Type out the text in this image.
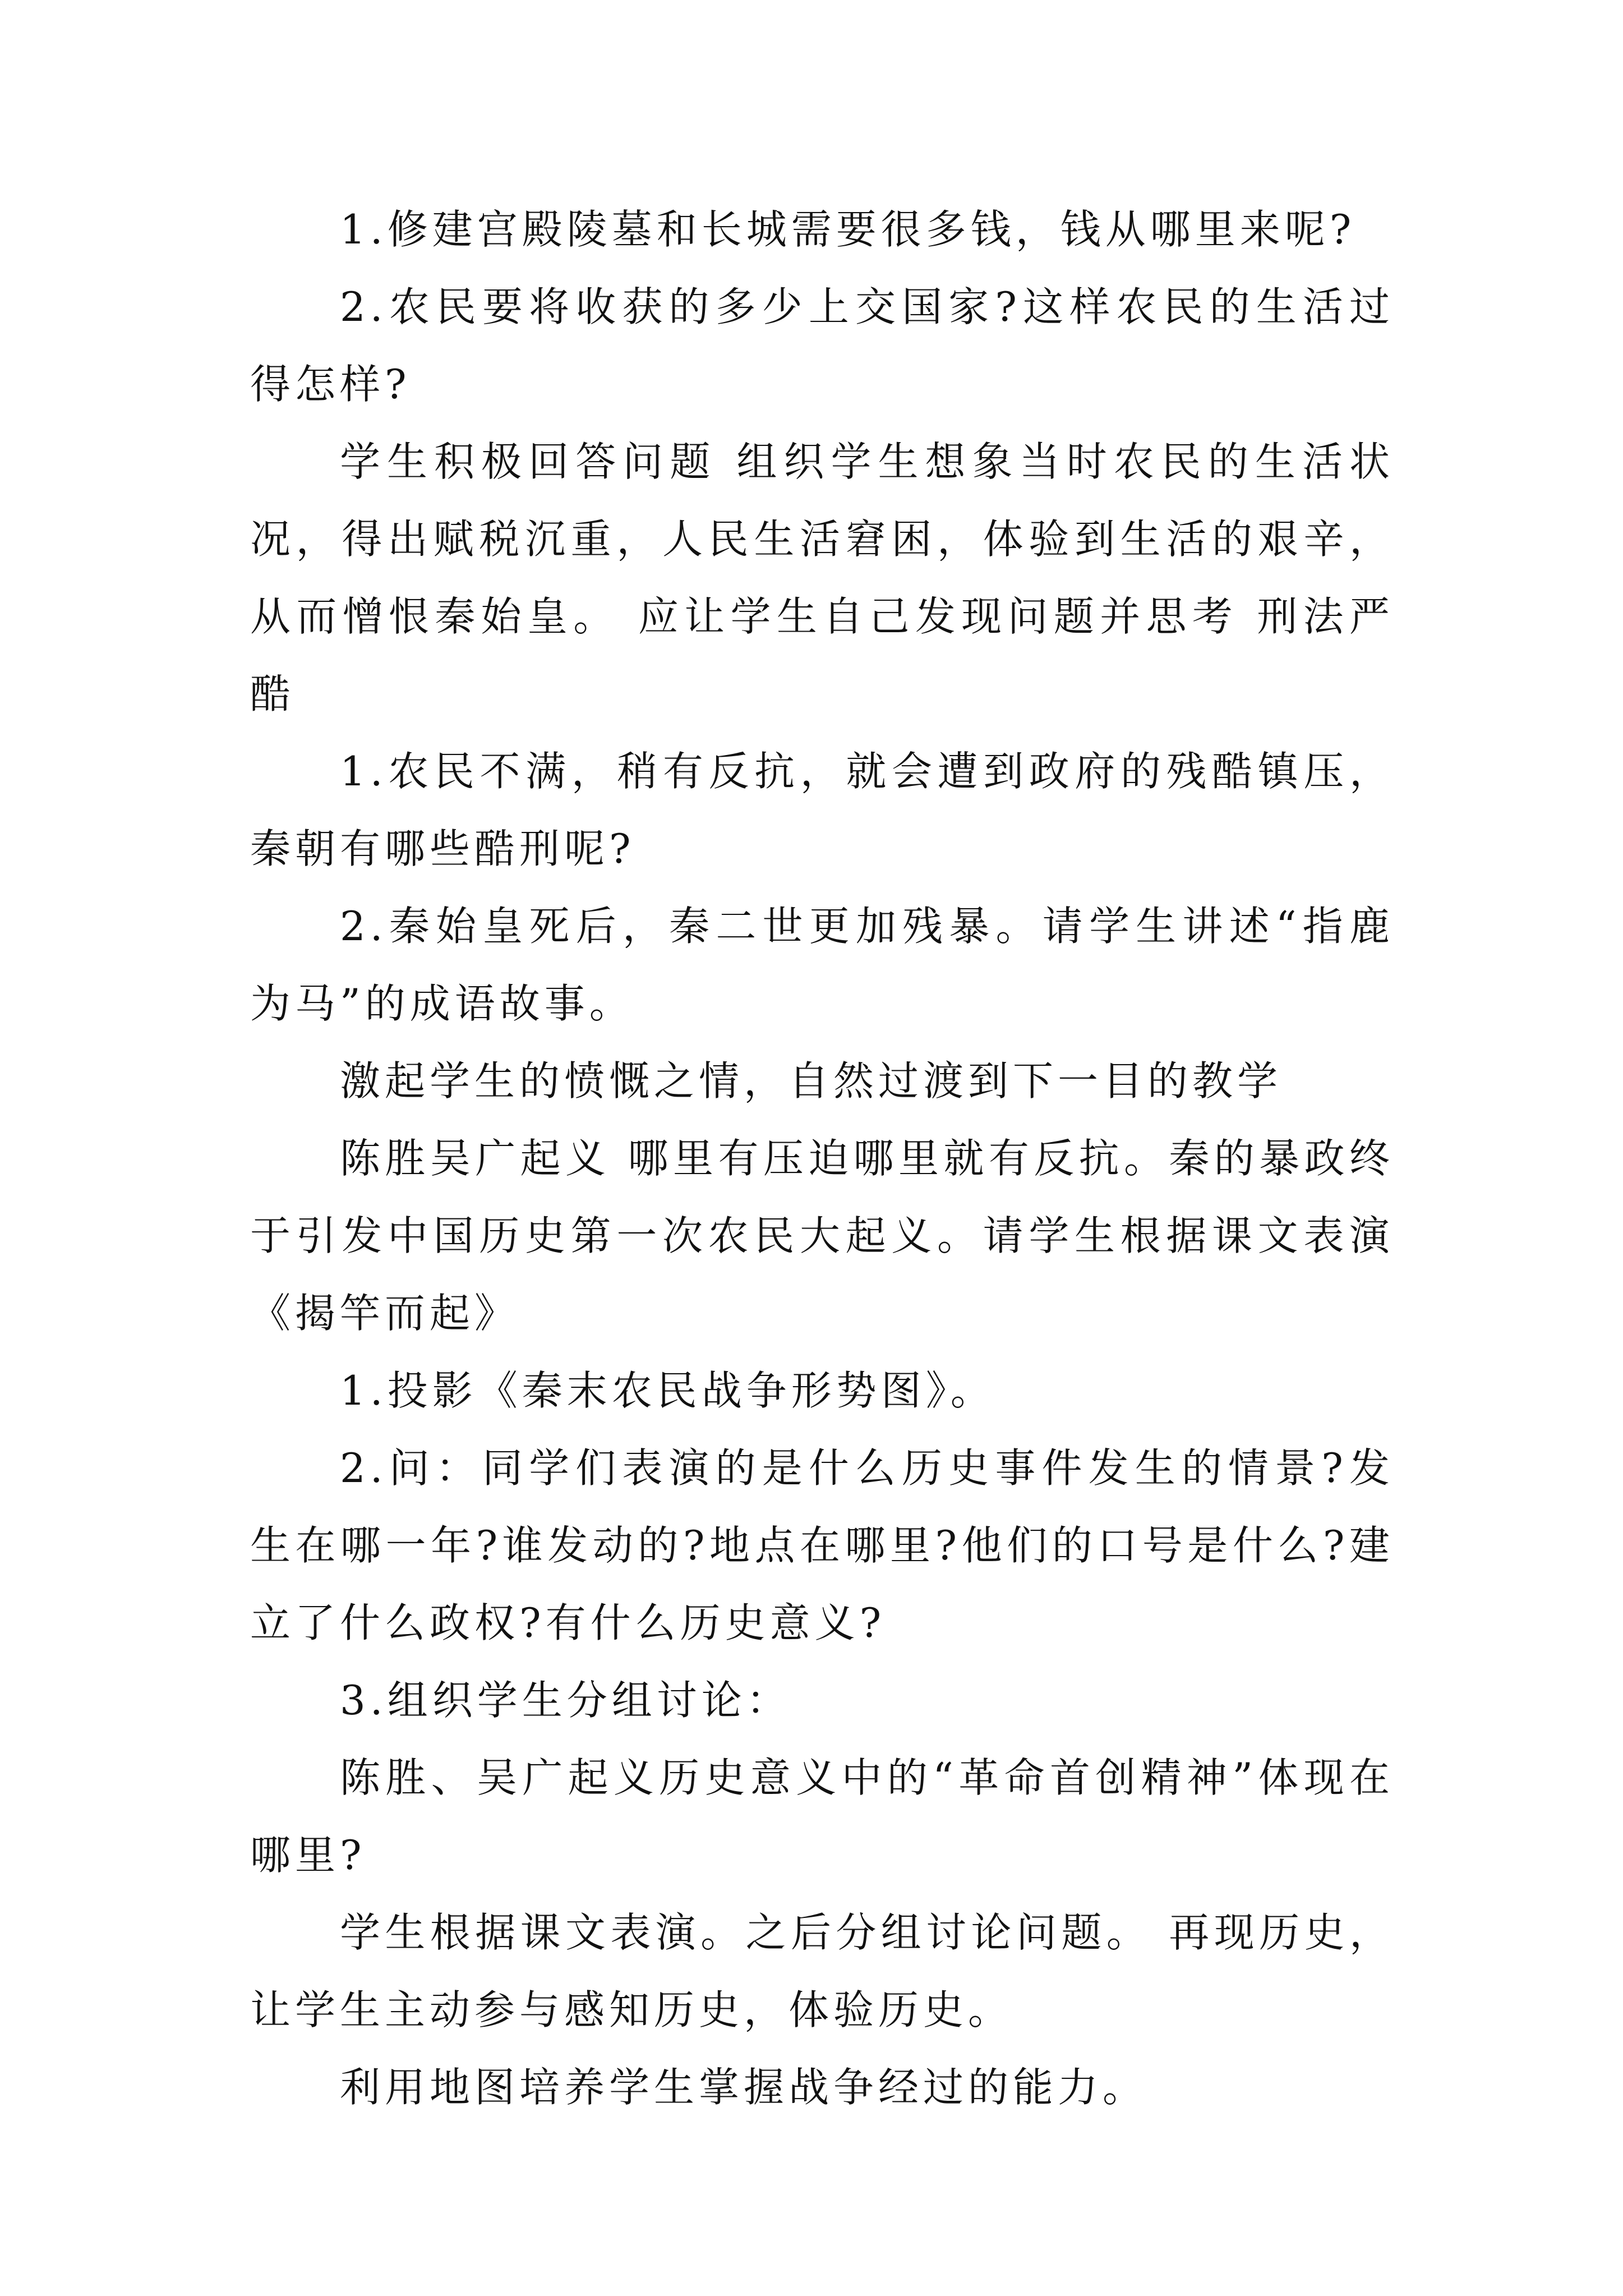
1.修建宫殿陵墓和长城需要很多钱，钱从哪里来呢?

2.农民要将收获的多少上交国家?这样农民的生活过得怎样?

学生积极回答问题 组织学生想象当时农民的生活状况，得出赋税沉重，人民生活窘困，体验到生活的艰辛，从而憎恨秦始皇。 应让学生自己发现问题并思考 刑法严酷

1.农民不满，稍有反抗，就会遭到政府的残酷镇压，秦朝有哪些酷刑呢?

2.秦始皇死后，秦二世更加残暴。请学生讲述“指鹿为马”的成语故事。

激起学生的愤慨之情，自然过渡到下一目的教学

陈胜吴广起义 哪里有压迫哪里就有反抗。秦的暴政终于引发中国历史第一次农民大起义。请学生根据课文表演《揭竿而起》

1.投影《秦末农民战争形势图》。

2.问：同学们表演的是什么历史事件发生的情景?发生在哪一年?谁发动的?地点在哪里?他们的口号是什么?建立了什么政权?有什么历史意义?

3.组织学生分组讨论：

陈胜、吴广起义历史意义中的“革命首创精神”体现在哪里?

学生根据课文表演。之后分组讨论问题。 再现历史，让学生主动参与感知历史，体验历史。

利用地图培养学生掌握战争经过的能力。
